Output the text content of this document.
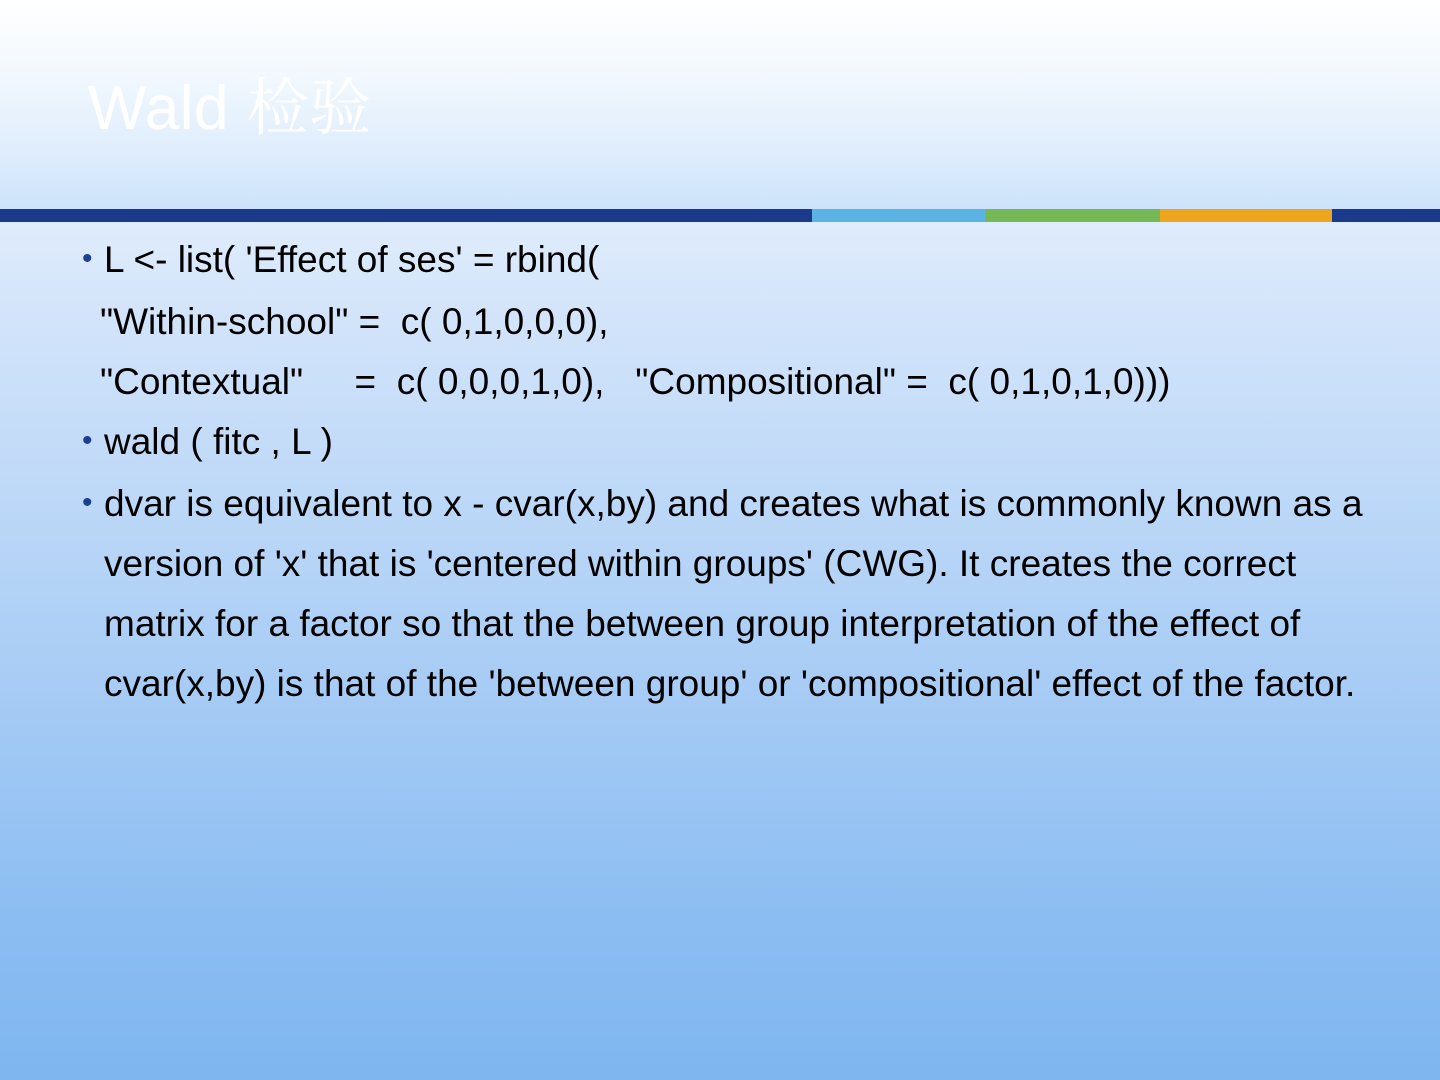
Wald 检验
• L <- list( 'Effect of ses' = rbind(
"Within-school" =  c( 0,1,0,0,0),
"Contextual"     =  c( 0,0,0,1,0),   "Compositional" =  c( 0,1,0,1,0)))
• wald ( fitc , L )
• dvar is equivalent to x - cvar(x,by) and creates what is commonly known as a version of 'x' that is 'centered within groups' (CWG). It creates the correct matrix for a factor so that the between group interpretation of the effect of cvar(x,by) is that of the 'between group' or 'compositional' effect of the factor.
